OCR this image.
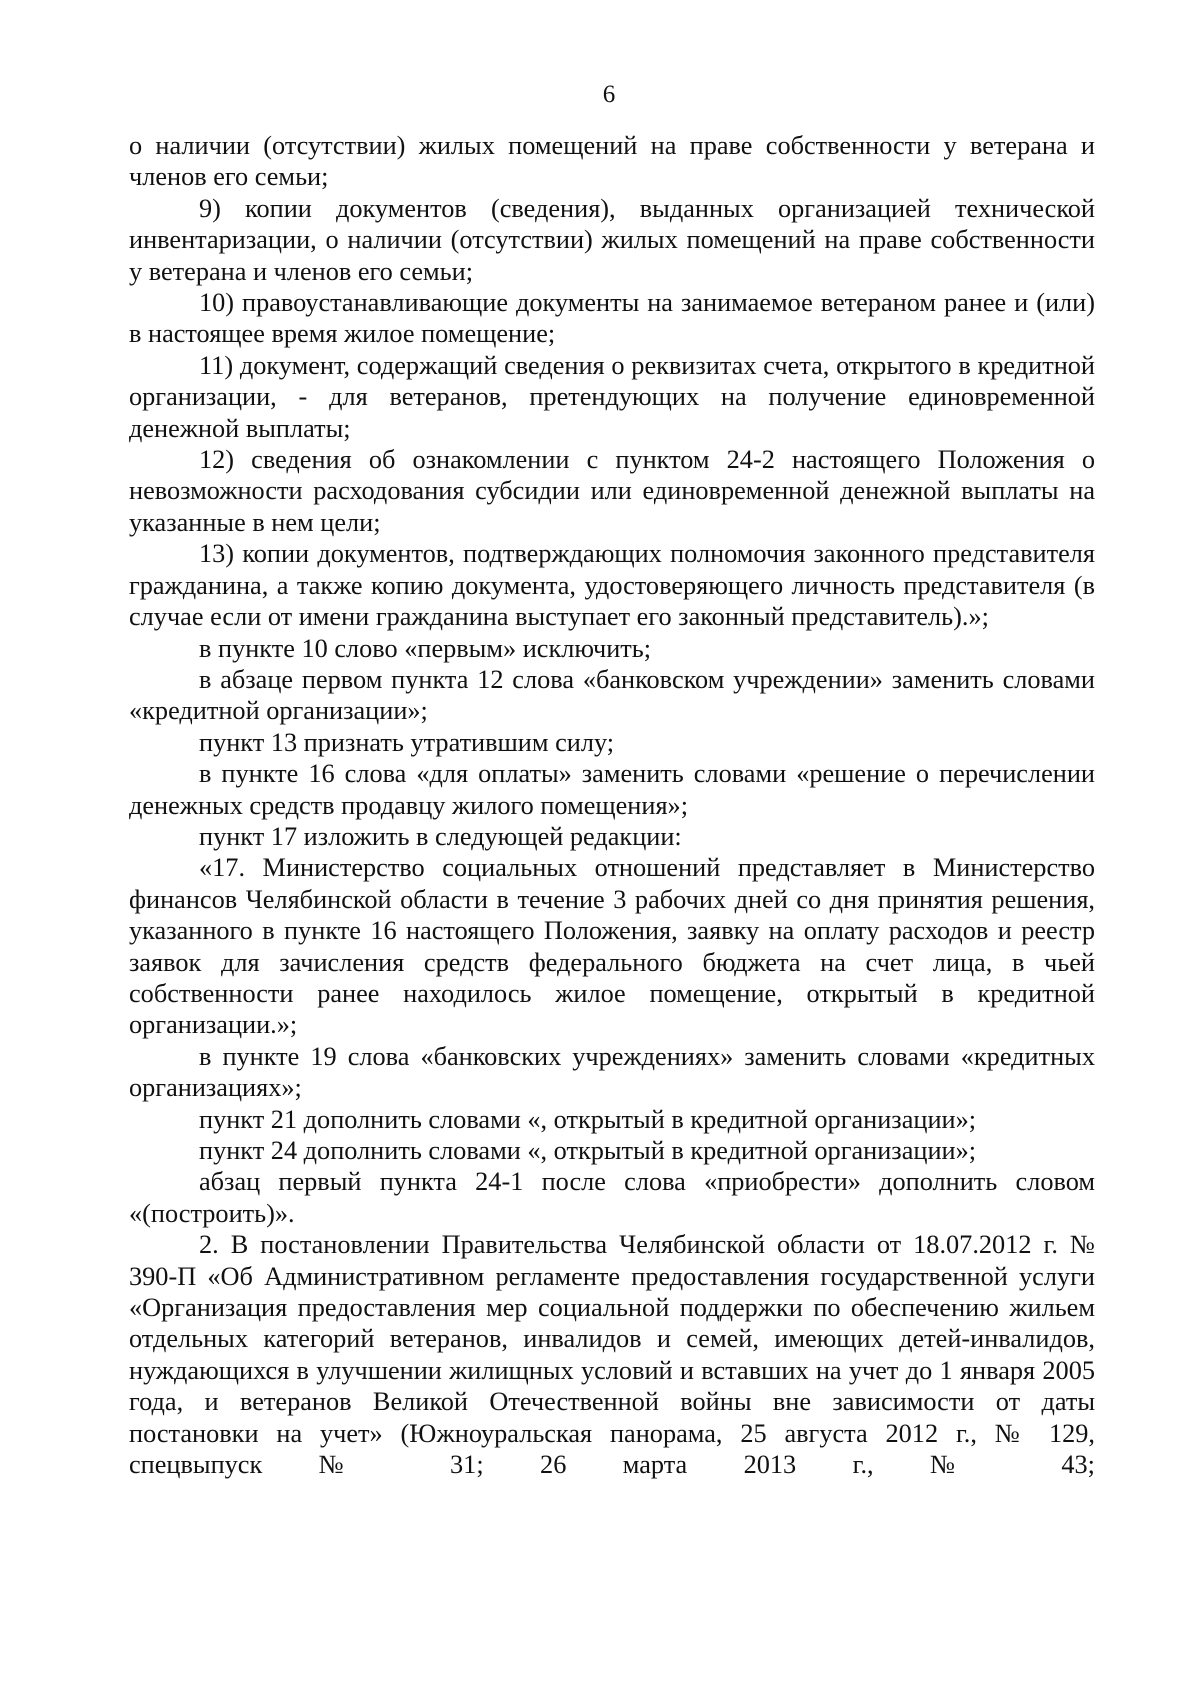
6

о наличии (отсутствии) жилых помещений на праве собственности у ветерана и членов его семьи;

9) копии документов (сведения), выданных организацией технической инвентаризации, о наличии (отсутствии) жилых помещений на праве собственности у ветерана и членов его семьи;

10) правоустанавливающие документы на занимаемое ветераном ранее и (или) в настоящее время жилое помещение;

11) документ, содержащий сведения о реквизитах счета, открытого в кредитной организации, - для ветеранов, претендующих на получение единовременной денежной выплаты;

12) сведения об ознакомлении с пунктом 24-2 настоящего Положения о невозможности расходования субсидии или единовременной денежной выплаты на указанные в нем цели;

13) копии документов, подтверждающих полномочия законного представителя гражданина, а также копию документа, удостоверяющего личность представителя (в случае если от имени гражданина выступает его законный представитель).»;

в пункте 10 слово «первым» исключить;

в абзаце первом пункта 12 слова «банковском учреждении» заменить словами «кредитной организации»;

пункт 13 признать утратившим силу;

в пункте 16 слова «для оплаты» заменить словами «решение о перечислении денежных средств продавцу жилого помещения»;

пункт 17 изложить в следующей редакции:

«17. Министерство социальных отношений представляет в Министерство финансов Челябинской области в течение 3 рабочих дней со дня принятия решения, указанного в пункте 16 настоящего Положения, заявку на оплату расходов и реестр заявок для зачисления средств федерального бюджета на счет лица, в чьей собственности ранее находилось жилое помещение, открытый в кредитной организации.»;

в пункте 19 слова «банковских учреждениях» заменить словами «кредитных организациях»;

пункт 21 дополнить словами «, открытый в кредитной организации»;

пункт 24 дополнить словами «, открытый в кредитной организации»;

абзац первый пункта 24-1 после слова «приобрести» дополнить словом «(построить)».

2. В постановлении Правительства Челябинской области от 18.07.2012 г. № 390-П «Об Административном регламенте предоставления государственной услуги «Организация предоставления мер социальной поддержки по обеспечению жильем отдельных категорий ветеранов, инвалидов и семей, имеющих детей-инвалидов, нуждающихся в улучшении жилищных условий и вставших на учет до 1 января 2005 года, и ветеранов Великой Отечественной войны вне зависимости от даты постановки на учет» (Южноуральская панорама, 25 августа 2012 г., № 129, спецвыпуск № 31; 26 марта 2013 г., № 43;
